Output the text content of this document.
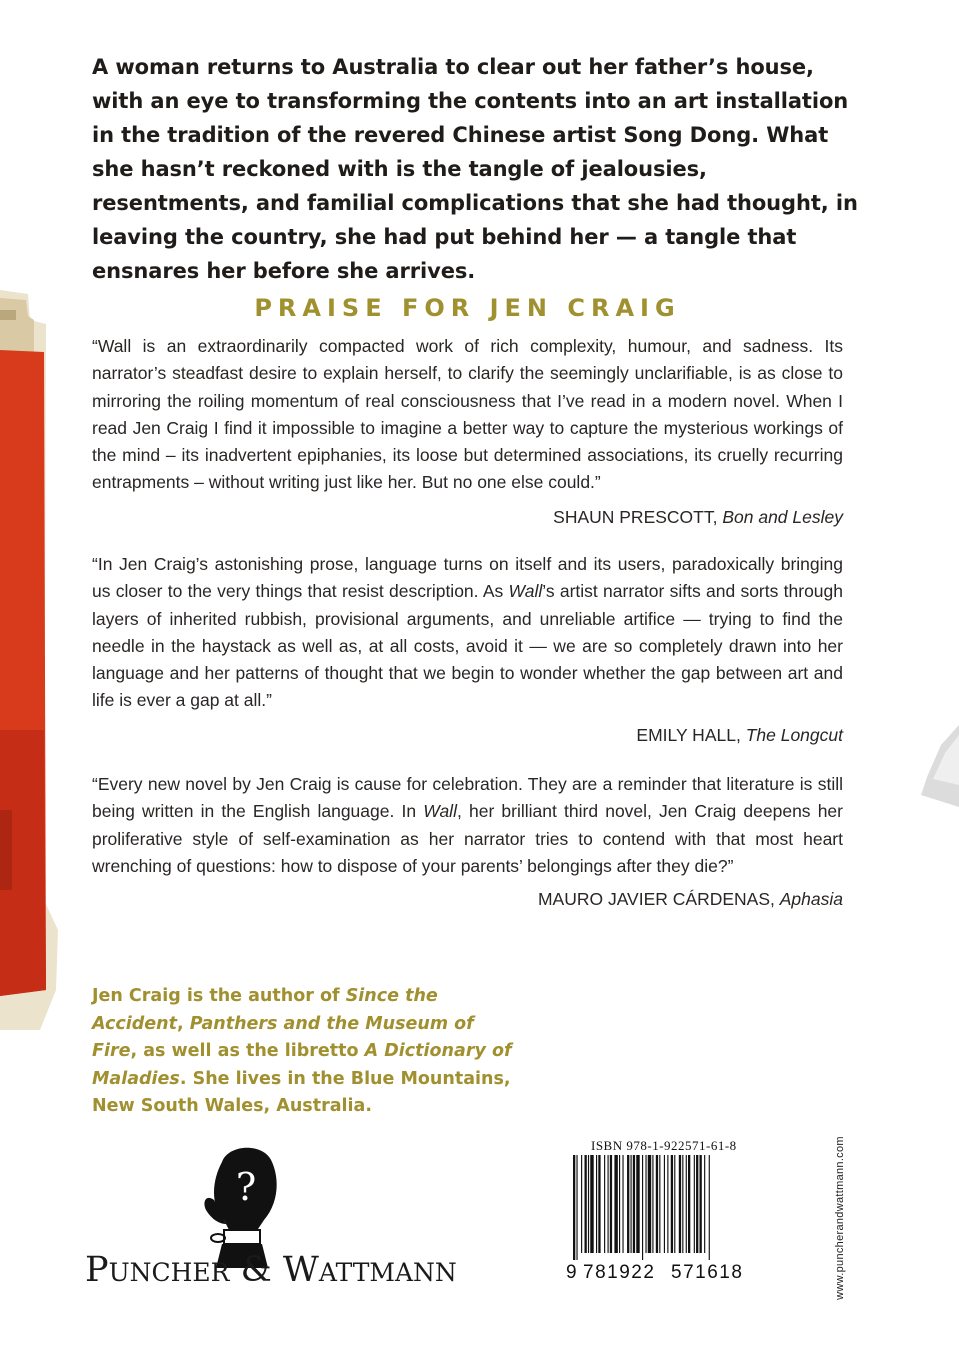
A woman returns to Australia to clear out her father’s house, with an eye to transforming the contents into an art installation in the tradition of the revered Chinese artist Song Dong. What she hasn’t reckoned with is the tangle of jealousies, resentments, and familial complications that she had thought, in leaving the country, she had put behind her — a tangle that ensnares her before she arrives.

PRAISE FOR JEN CRAIG

“Wall is an extraordinarily compacted work of rich complexity, humour, and sadness. Its narrator’s steadfast desire to explain herself, to clarify the seemingly unclarifiable, is as close to mirroring the roiling momentum of real consciousness that I’ve read in a modern novel. When I read Jen Craig I find it impossible to imagine a better way to capture the mysterious workings of the mind – its inadvertent epiphanies, its loose but determined associations, its cruelly recurring entrapments – without writing just like her. But no one else could.”

SHAUN PRESCOTT, Bon and Lesley

“In Jen Craig’s astonishing prose, language turns on itself and its users, paradoxically bringing us closer to the very things that resist description. As Wall’s artist narrator sifts and sorts through layers of inherited rubbish, provisional arguments, and unreliable artifice — trying to find the needle in the haystack as well as, at all costs, avoid it — we are so completely drawn into her language and her patterns of thought that we begin to wonder whether the gap between art and life is ever a gap at all.”

EMILY HALL, The Longcut

“Every new novel by Jen Craig is cause for celebration. They are a reminder that literature is still being written in the English language. In Wall, her brilliant third novel, Jen Craig deepens her proliferative style of self-examination as her narrator tries to contend with that most heart wrenching of questions: how to dispose of your parents’ belongings after they die?”

MAURO JAVIER CÁRDENAS, Aphasia

Jen Craig is the author of Since the Accident, Panthers and the Museum of Fire, as well as the libretto A Dictionary of Maladies. She lives in the Blue Mountains, New South Wales, Australia.

?
PUNCHER & WATTMANN
ISBN 978-1-922571-61-8
9 781922 571618	www.puncherandwattmann.com
